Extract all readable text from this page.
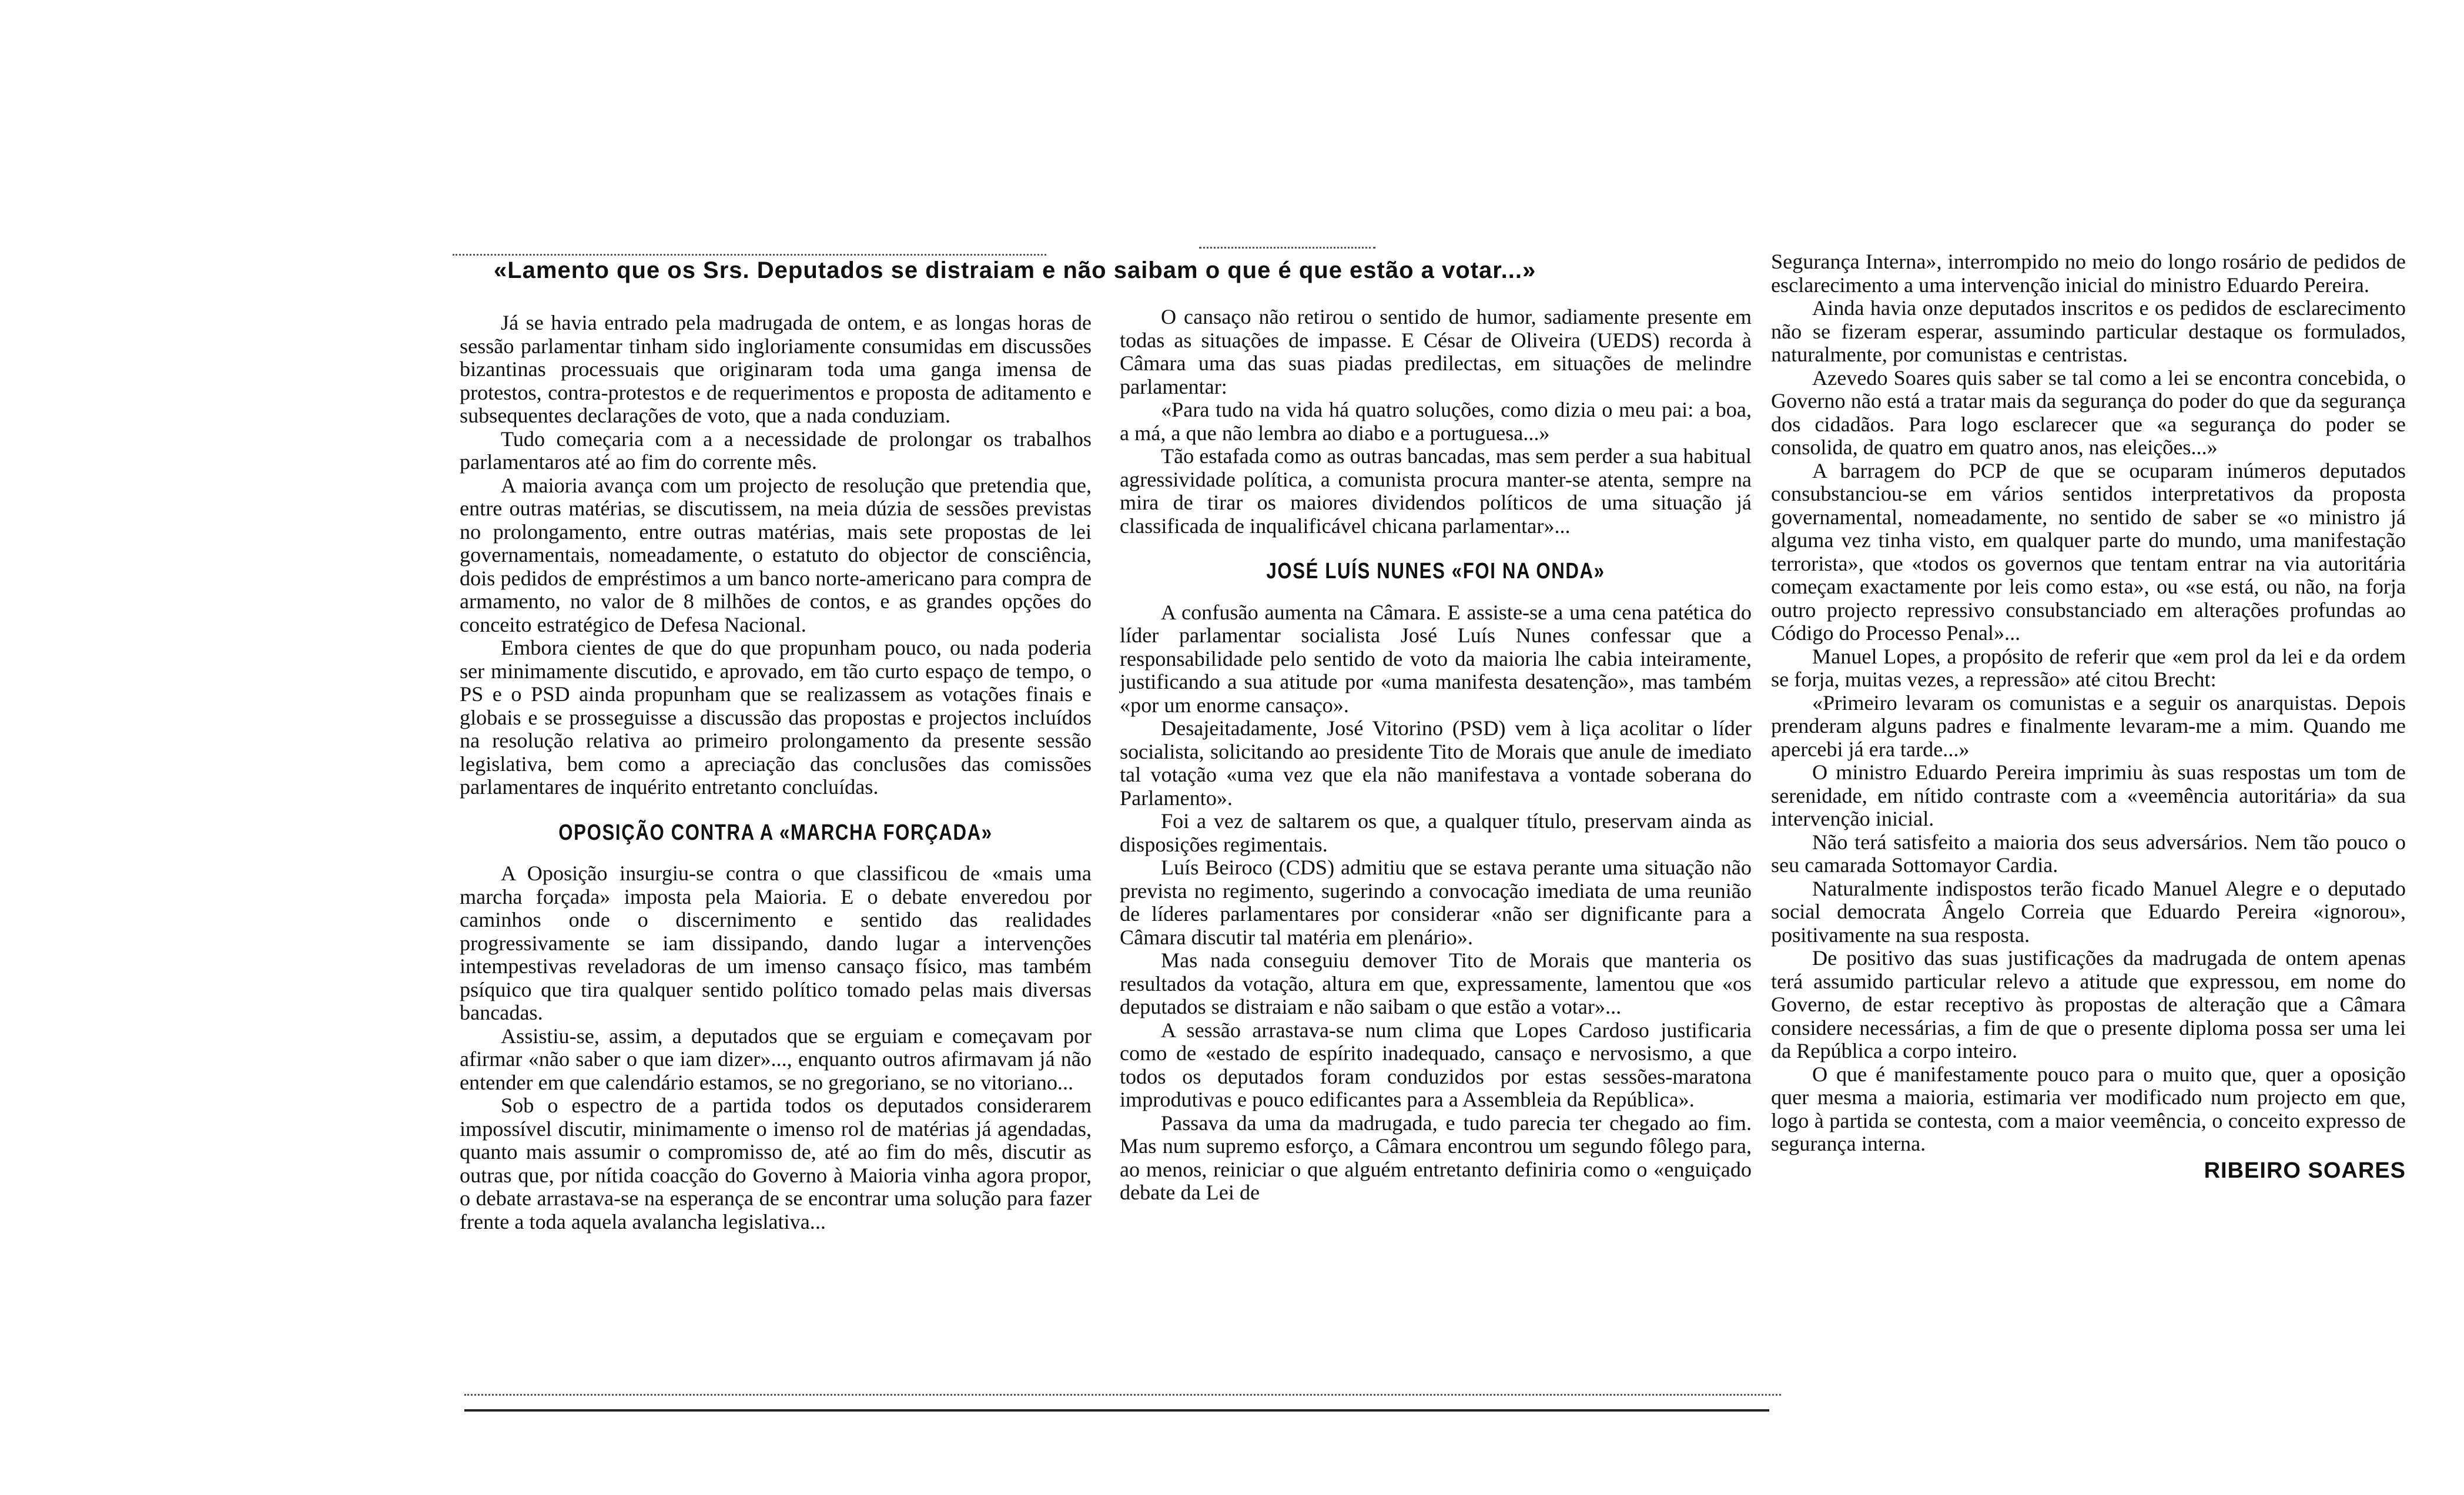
«Lamento que os Srs. Deputados se distraiam e não saibam o que é que estão a votar...»

Já se havia entrado pela madrugada de ontem, e as longas horas de sessão parlamentar tinham sido ingloriamente consumidas em discussões bizantinas processuais que originaram toda uma ganga imensa de protestos, contra-protestos e de requerimentos e proposta de aditamento e subsequentes declarações de voto, que a nada conduziam.

Tudo começaria com a a necessidade de prolongar os trabalhos parlamentaros até ao fim do corrente mês.

A maioria avança com um projecto de resolução que pretendia que, entre outras matérias, se discutissem, na meia dúzia de sessões previstas no prolongamento, entre outras matérias, mais sete propostas de lei governamentais, nomeadamente, o estatuto do objector de consciência, dois pedidos de empréstimos a um banco norte-americano para compra de armamento, no valor de 8 milhões de contos, e as grandes opções do conceito estratégico de Defesa Nacional.

Embora cientes de que do que propunham pouco, ou nada poderia ser minimamente discutido, e aprovado, em tão curto espaço de tempo, o PS e o PSD ainda propunham que se realizassem as votações finais e globais e se prosseguisse a discussão das propostas e projectos incluídos na resolução relativa ao primeiro prolongamento da presente sessão legislativa, bem como a apreciação das conclusões das comissões parlamentares de inquérito entretanto concluídas.

OPOSIÇÃO CONTRA A «MARCHA FORÇADA»

A Oposição insurgiu-se contra o que classificou de «mais uma marcha forçada» imposta pela Maioria. E o debate enveredou por caminhos onde o discernimento e sentido das realidades progressivamente se iam dissipando, dando lugar a intervenções intempestivas reveladoras de um imenso cansaço físico, mas também psíquico que tira qualquer sentido político tomado pelas mais diversas bancadas.

Assistiu-se, assim, a deputados que se erguiam e começavam por afirmar «não saber o que iam dizer»..., enquanto outros afirmavam já não entender em que calendário estamos, se no gregoriano, se no vitoriano...

Sob o espectro de a partida todos os deputados considerarem impossível discutir, minimamente o imenso rol de matérias já agendadas, quanto mais assumir o compromisso de, até ao fim do mês, discutir as outras que, por nítida coacção do Governo à Maioria vinha agora propor, o debate arrastava-se na esperança de se encontrar uma solução para fazer frente a toda aquela avalancha legislativa...

O cansaço não retirou o sentido de humor, sadiamente presente em todas as situações de impasse. E César de Oliveira (UEDS) recorda à Câmara uma das suas piadas predilectas, em situações de melindre parlamentar:

«Para tudo na vida há quatro soluções, como dizia o meu pai: a boa, a má, a que não lembra ao diabo e a portuguesa...»

Tão estafada como as outras bancadas, mas sem perder a sua habitual agressividade política, a comunista procura manter-se atenta, sempre na mira de tirar os maiores dividendos políticos de uma situação já classificada de inqualificável chicana parlamentar»...

JOSÉ LUÍS NUNES «FOI NA ONDA»

A confusão aumenta na Câmara. E assiste-se a uma cena patética do líder parlamentar socialista José Luís Nunes confessar que a responsabilidade pelo sentido de voto da maioria lhe cabia inteiramente, justificando a sua atitude por «uma manifesta desatenção», mas também «por um enorme cansaço».

Desajeitadamente, José Vitorino (PSD) vem à liça acolitar o líder socialista, solicitando ao presidente Tito de Morais que anule de imediato tal votação «uma vez que ela não manifestava a vontade soberana do Parlamento».

Foi a vez de saltarem os que, a qualquer título, preservam ainda as disposições regimentais.

Luís Beiroco (CDS) admitiu que se estava perante uma situação não prevista no regimento, sugerindo a convocação imediata de uma reunião de líderes parlamentares por considerar «não ser dignificante para a Câmara discutir tal matéria em plenário».

Mas nada conseguiu demover Tito de Morais que manteria os resultados da votação, altura em que, expressamente, lamentou que «os deputados se distraiam e não saibam o que estão a votar»...

A sessão arrastava-se num clima que Lopes Cardoso justificaria como de «estado de espírito inadequado, cansaço e nervosismo, a que todos os deputados foram conduzidos por estas sessões-maratona improdutivas e pouco edificantes para a Assembleia da República».

Passava da uma da madrugada, e tudo parecia ter chegado ao fim. Mas num supremo esforço, a Câmara encontrou um segundo fôlego para, ao menos, reiniciar o que alguém entretanto definiria como o «enguiçado debate da Lei de

Segurança Interna», interrompido no meio do longo rosário de pedidos de esclarecimento a uma intervenção inicial do ministro Eduardo Pereira.

Ainda havia onze deputados inscritos e os pedidos de esclarecimento não se fizeram esperar, assumindo particular destaque os formulados, naturalmente, por comunistas e centristas.

Azevedo Soares quis saber se tal como a lei se encontra concebida, o Governo não está a tratar mais da segurança do poder do que da segurança dos cidadãos. Para logo esclarecer que «a segurança do poder se consolida, de quatro em quatro anos, nas eleições...»

A barragem do PCP de que se ocuparam inúmeros deputados consubstanciou-se em vários sentidos interpretativos da proposta governamental, nomeadamente, no sentido de saber se «o ministro já alguma vez tinha visto, em qualquer parte do mundo, uma manifestação terrorista», que «todos os governos que tentam entrar na via autoritária começam exactamente por leis como esta», ou «se está, ou não, na forja outro projecto repressivo consubstanciado em alterações profundas ao Código do Processo Penal»...

Manuel Lopes, a propósito de referir que «em prol da lei e da ordem se forja, muitas vezes, a repressão» até citou Brecht:

«Primeiro levaram os comunistas e a seguir os anarquistas. Depois prenderam alguns padres e finalmente levaram-me a mim. Quando me apercebi já era tarde...»

O ministro Eduardo Pereira imprimiu às suas respostas um tom de serenidade, em nítido contraste com a «veemência autoritária» da sua intervenção inicial.

Não terá satisfeito a maioria dos seus adversários. Nem tão pouco o seu camarada Sottomayor Cardia.

Naturalmente indispostos terão ficado Manuel Alegre e o deputado social democrata Ângelo Correia que Eduardo Pereira «ignorou», positivamente na sua resposta.

De positivo das suas justificações da madrugada de ontem apenas terá assumido particular relevo a atitude que expressou, em nome do Governo, de estar receptivo às propostas de alteração que a Câmara considere necessárias, a fim de que o presente diploma possa ser uma lei da República a corpo inteiro.

O que é manifestamente pouco para o muito que, quer a oposição quer mesma a maioria, estimaria ver modificado num projecto em que, logo à partida se contesta, com a maior veemência, o conceito expresso de segurança interna.

RIBEIRO SOARES
